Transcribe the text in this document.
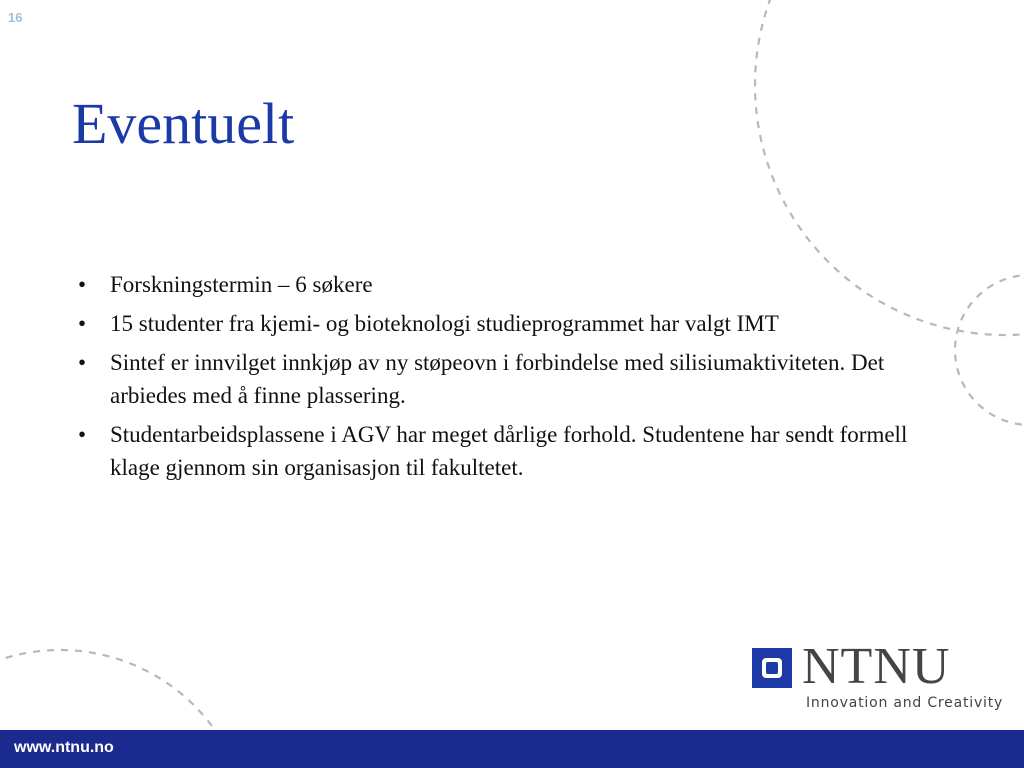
16
Eventuelt
• Forskningstermin – 6 søkere
• 15 studenter fra kjemi- og bioteknologi studieprogrammet har valgt IMT
• Sintef er innvilget innkjøp av ny støpeovn i forbindelse med silisiumaktiviteten. Det arbiedes med å finne plassering.
• Studentarbeidsplassene i AGV har meget dårlige forhold. Studentene har sendt formell klage gjennom sin organisasjon til fakultetet.
NTNU
Innovation and Creativity
www.ntnu.no
